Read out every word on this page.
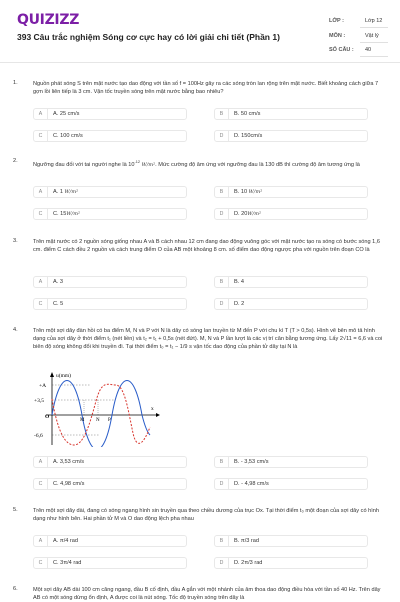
QUIZIZZ
393 Câu trắc nghiệm Sóng cơ cực hay có lời giải chi tiết (Phần 1)
LỚP :	Lớp 12
MÔN :	Vật lý
SỐ CÂU : 40
1.	Nguồn phát sóng S trên mặt nước tạo dao động với tần số f = 100Hz gây ra các sóng tròn lan rộng trên mặt nước. Biết khoảng cách giữa 7 gợn lồi liên tiếp là 3 cm. Vận tốc truyền sóng trên mặt nước bằng bao nhiêu?
A	A. 25 cm/s	B	B. 50 cm/s
C	C. 100 cm/s	D	D. 150cm/s
2.
Ngưỡng đau đối với tai người nghe là $10^{-12}$ W/m². Mức cường độ âm ứng với ngưỡng đau là 130 dB thì cường độ âm tương ứng là
A	A. 1 W/m²	B	B. 10 W/m²
C	C. 15W/m²	D	D. 20W/m²
3.	Trên mặt nước có 2 nguồn sóng giống nhau A và B cách nhau 12 cm đang dao động vuông góc với mặt nước tạo ra sóng có bước sóng 1,6 cm. điểm C cách đều 2 nguồn và cách trung điểm O của AB một khoảng 8 cm. số điểm dao động ngược pha với nguồn trên đoạn CO là
A	A. 3	B	B. 4
C	C. 5	D	D. 2
4.	Trên một sợi dây đàn hồi có ba điểm M, N và P với N là dây có sóng lan truyền từ M đến P với chu kì T (T > 0,5s). Hình vẽ bên mô tả hình dạng của sợi dây ở thời điểm t₁ (nét liền) và t₂ = t₁ + 0,5s (nét đứt). M, N và P lần lượt là các vị trí cân bằng tương ứng. Lấy 2√11 = 6,6 và coi biên độ sóng không đổi khi truyền đi. Tại thời điểm t₀ = t₁ − 1/9 s vận tốc dao động của phần tử dây tại N là
u(mm)
+A
+3,5
O
-6,6
M N P
x
A	A. 3,53 cm/s	B	B. - 3,53 cm/s
C	C. 4,98 cm/s	D	D. - 4,98 cm/s
5.	Trên một sợi dây dài, đang có sóng ngang hình sin truyền qua theo chiều dương của trục Ox. Tại thời điểm t₀ một đoạn của sợi dây có hình dạng như hình bên. Hai phần tử M và O dao động lệch pha nhau
A	A. π/4 rad	B	B. π/3 rad
C	C. 3π/4 rad	D	D. 2π/3 rad
6.	Một sợi dây AB dài 100 cm căng ngang, đầu B cố định, đầu A gắn với một nhánh của âm thoa dao động điều hòa với tần số 40 Hz. Trên dây AB có một sóng dừng ổn định, A được coi là nút sóng. Tốc độ truyền sóng trên dây là
